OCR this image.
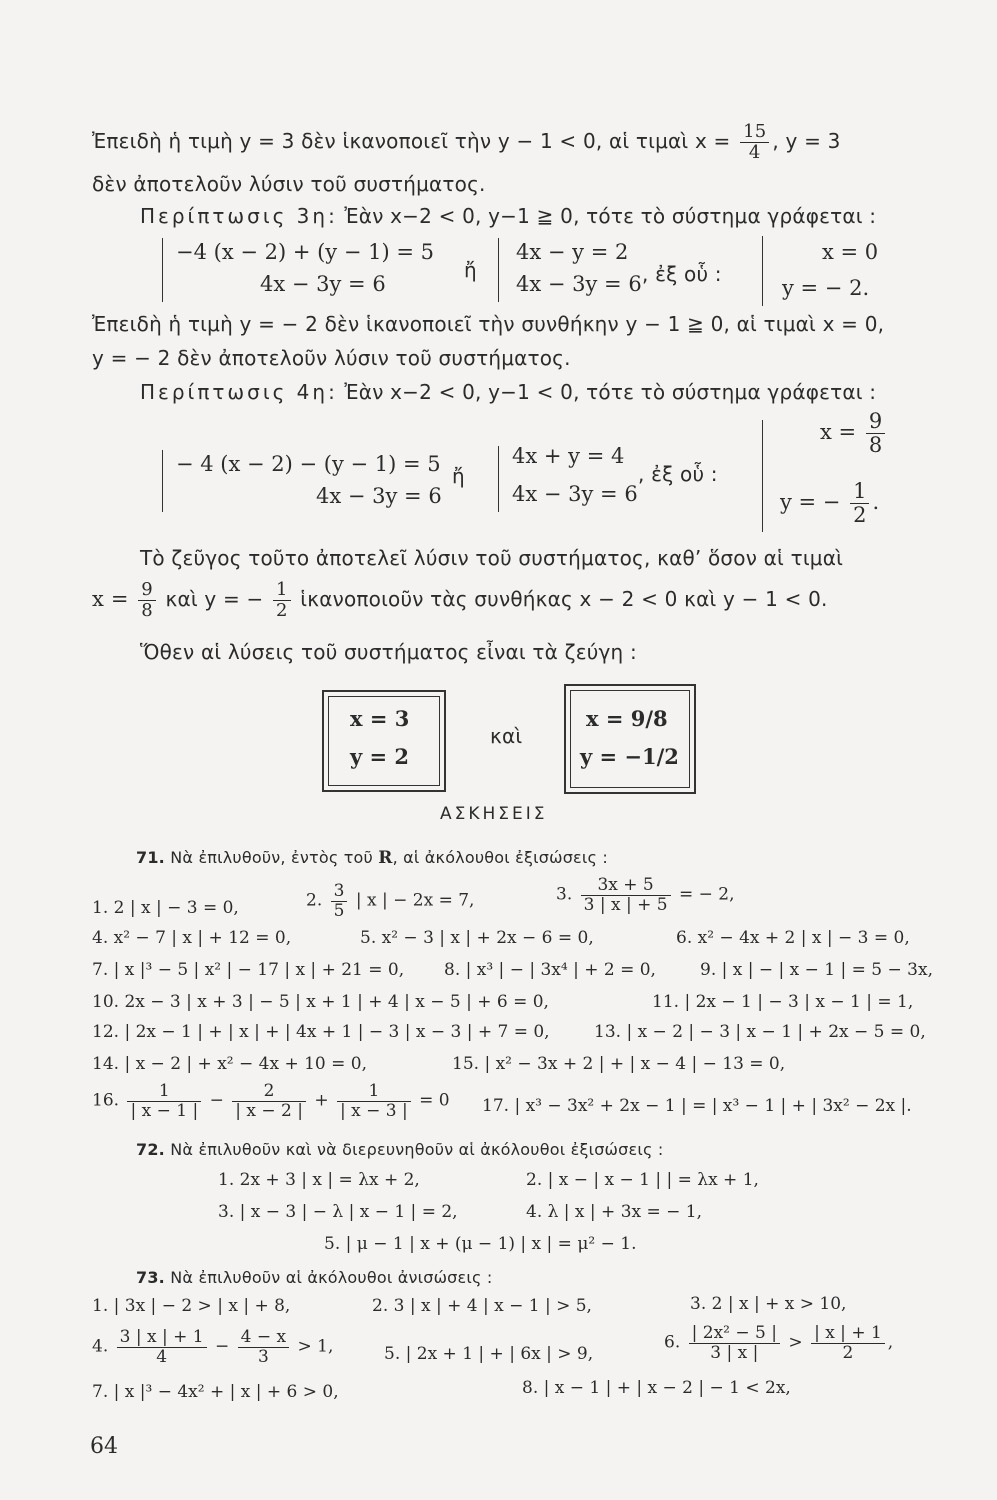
Ἐπειδὴ ἡ τιμὴ y = 3 δὲν ἱκανοποιεῖ τὴν y − 1 < 0, αἱ τιμαὶ $x = \frac{15}{4}$ , y = 3
δὲν ἀποτελοῦν λύσιν τοῦ συστήματος.
Περίπτωσις 3η: Ἐὰν x−2 < 0, y−1 ≧ 0, τότε τὸ σύστημα γράφεται :
−4 (x − 2) + (y − 1) = 5
4x − 3y = 6
ἤ
4x − y = 2
4x − 3y = 6 , ἐξ οὗ :
x = 0
y = − 2.
Ἐπειδὴ ἡ τιμὴ y = − 2 δὲν ἱκανοποιεῖ τὴν συνθήκην y − 1 ≧ 0, αἱ τιμαὶ x = 0,
y = − 2 δὲν ἀποτελοῦν λύσιν τοῦ συστήματος.
Περίπτωσις 4η: Ἐὰν x−2 < 0, y−1 < 0, τότε τὸ σύστημα γράφεται :
− 4 (x − 2) − (y − 1) = 5
4x − 3y = 6
ἤ
4x + y = 4
4x − 3y = 6
, ἐξ οὗ :
$x = \frac{9}{8}$
y = − $\frac{1}{2}$ .
Τὸ ζεῦγος τοῦτο ἀποτελεῖ λύσιν τοῦ συστήματος, καθ’ ὅσον αἱ τιμαὶ
$x = \frac{9}{8}$ καὶ y = − $\frac{1}{2}$ ἱκανοποιοῦν τὰς συνθήκας x − 2 < 0 καὶ y − 1 < 0.
Ὅθεν αἱ λύσεις τοῦ συστήματος εἶναι τὰ ζεύγη :
x = 3
y = 2
καὶ
x = 9/8
y = −1/2
ΑΣΚΗΣΕΙΣ
71. Νὰ ἐπιλυθοῦν, ἐντὸς τοῦ R, αἱ ἀκόλουθοι ἐξισώσεις :
1. 2 | x | − 3 = 0,	2. $\frac{3}{5}$ | x | − 2x = 7,	3. $\frac{3x + 5}{3 | x | + 5}$ = − 2,
4. x² − 7 | x | + 12 = 0,	5. x² − 3 | x | + 2x − 6 = 0,	6. x² − 4x + 2 | x | − 3 = 0,
7. | x |³ − 5 | x² | − 17 | x | + 21 = 0, 8. | x³ | − | 3x⁴ | + 2 = 0,	9. | x | − | x − 1 | = 5 − 3x,
10. 2x − 3 | x + 3 | − 5 | x + 1 | + 4 | x − 5 | + 6 = 0,	11. | 2x − 1 | − 3 | x − 1 | = 1,
12. | 2x − 1 | + | x | + | 4x + 1 | − 3 | x − 3 | + 7 = 0,	13. | x − 2 | − 3 | x − 1 | + 2x − 5 = 0,
14. | x − 2 | + x² − 4x + 10 = 0,	15. | x² − 3x + 2 | + | x − 4 | − 13 = 0,
16. $\frac{1}{| x - 1 |} - \frac{2}{| x - 2 |} + \frac{1}{| x - 3 |} = 0$ 17. | x³ − 3x² + 2x − 1 | = | x³ − 1 | + | 3x² − 2x |.
72. Νὰ ἐπιλυθοῦν καὶ νὰ διερευνηθοῦν αἱ ἀκόλουθοι ἐξισώσεις :
1. 2x + 3 | x | = λx + 2,	2. | x − | x − 1 | | = λx + 1,
3. | x − 3 | − λ | x − 1 | = 2,	4. λ | x | + 3x = − 1,
5. | μ − 1 | x + (μ − 1) | x | = μ² − 1.
73. Νὰ ἐπιλυθοῦν αἱ ἀκόλουθοι ἀνισώσεις :
1. | 3x | − 2 > | x | + 8,	2. 3 | x | + 4 | x − 1 | > 5,	3. 2 | x | + x > 10,
4. $\frac{3 | x | + 1}{4} - \frac{4 - x}{3} > 1$,	5. | 2x + 1 | + | 6x | > 9,
6. $\frac{\text{| 2x² − 5 |}}{3 | x |} > \frac{| x | + 1}{2}$ ,
7. | x |³ − 4x² + | x | + 6 > 0,	8. | x − 1 | + | x − 2 | − 1 < 2x,
64
